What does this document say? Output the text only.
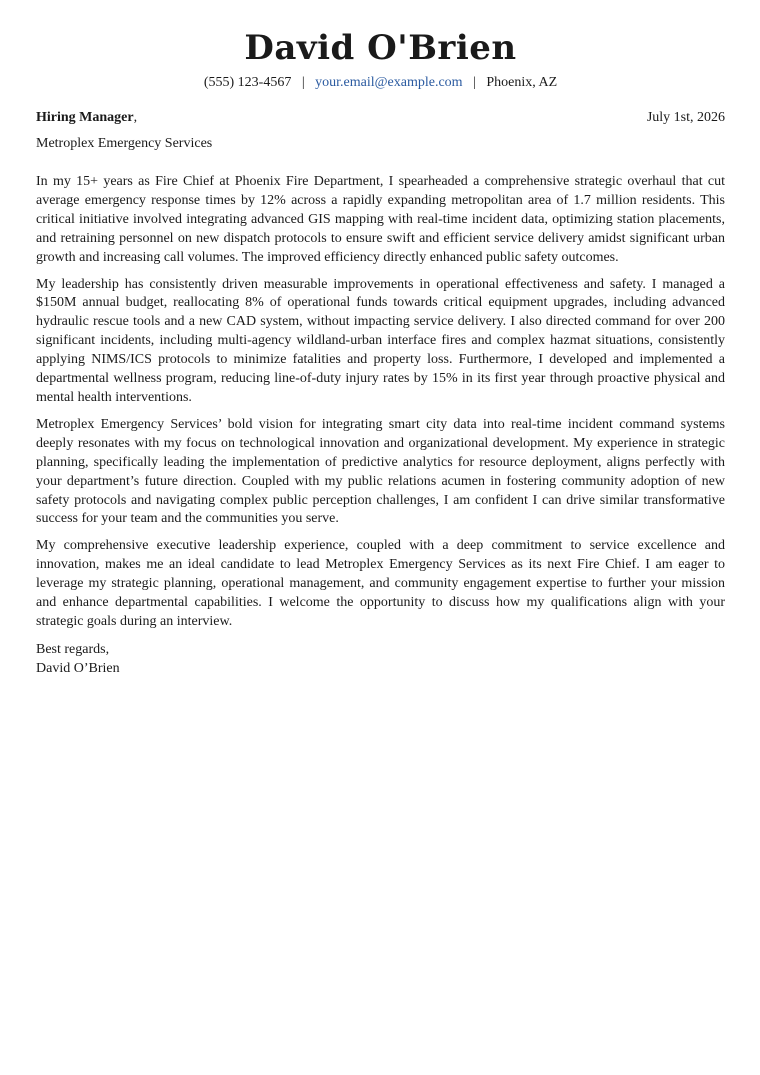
David O'Brien
(555) 123-4567 | your.email@example.com | Phoenix, AZ
Hiring Manager,	July 1st, 2026
Metroplex Emergency Services

In my 15+ years as Fire Chief at Phoenix Fire Department, I spearheaded a comprehensive strategic overhaul that cut average emergency response times by 12% across a rapidly expanding metropolitan area of 1.7 million residents. This critical initiative involved integrating advanced GIS mapping with real-time incident data, optimizing station placements, and retraining personnel on new dispatch protocols to ensure swift and efficient service delivery amidst significant urban growth and increasing call volumes. The improved efficiency directly enhanced public safety outcomes.

My leadership has consistently driven measurable improvements in operational effectiveness and safety. I managed a $150M annual budget, reallocating 8% of operational funds towards critical equipment upgrades, including advanced hydraulic rescue tools and a new CAD system, without impacting service delivery. I also directed command for over 200 significant incidents, including multi-agency wildland-urban interface fires and complex hazmat situations, consistently applying NIMS/ICS protocols to minimize fatalities and property loss. Furthermore, I developed and implemented a departmental wellness program, reducing line-of-duty injury rates by 15% in its first year through proactive physical and mental health interventions.

Metroplex Emergency Services’ bold vision for integrating smart city data into real-time incident command systems deeply resonates with my focus on technological innovation and organizational development. My experience in strategic planning, specifically leading the implementation of predictive analytics for resource deployment, aligns perfectly with your department’s future direction. Coupled with my public relations acumen in fostering community adoption of new safety protocols and navigating complex public perception challenges, I am confident I can drive similar transformative success for your team and the communities you serve.

My comprehensive executive leadership experience, coupled with a deep commitment to service excellence and innovation, makes me an ideal candidate to lead Metroplex Emergency Services as its next Fire Chief. I am eager to leverage my strategic planning, operational management, and community engagement expertise to further your mission and enhance departmental capabilities. I welcome the opportunity to discuss how my qualifications align with your strategic goals during an interview.

Best regards,
David O’Brien
